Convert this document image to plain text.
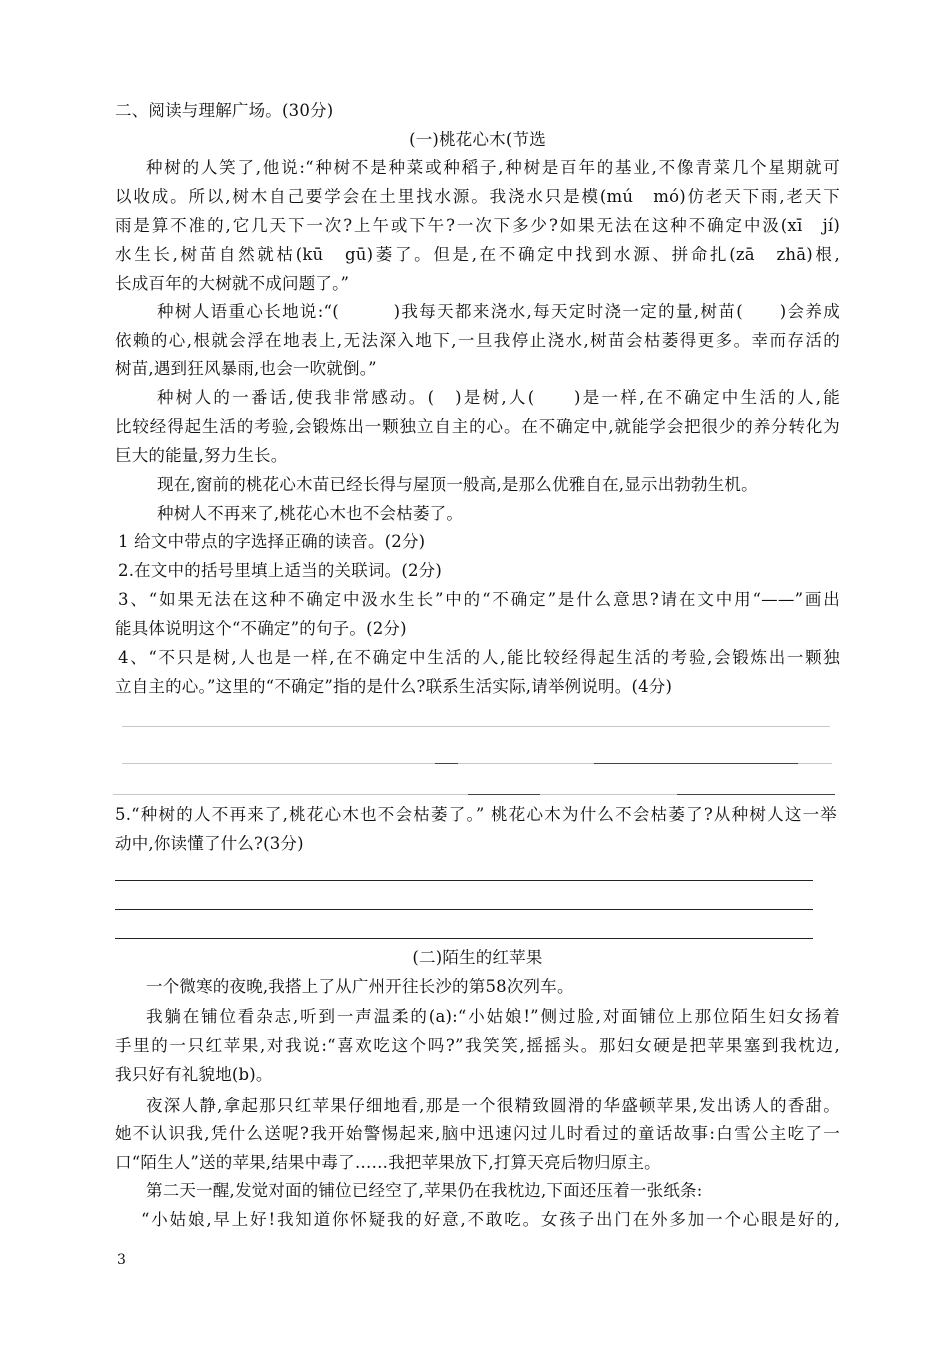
二、阅读与理解广场。(30分)
(一)桃花心木(节选
种树的人笑了,他说:“种树不是种菜或种稻子,种树是百年的基业,不像青菜几个星期就可
以收成。所以,树木自己要学会在土里找水源。我浇水只是模(mú　mó)仿老天下雨,老天下
雨是算不准的,它几天下一次?上午或下午?一次下多少?如果无法在这种不确定中汲(xī　jí)
水生长,树苗自然就枯(kū　gū)萎了。但是,在不确定中找到水源、拼命扎(zā　zhā)根,
长成百年的大树就不成问题了。”
种树人语重心长地说:“(　　　)我每天都来浇水,每天定时浇一定的量,树苗(　　)会养成
依赖的心,根就会浮在地表上,无法深入地下,一旦我停止浇水,树苗会枯萎得更多。幸而存活的
树苗,遇到狂风暴雨,也会一吹就倒。”
种树人的一番话,使我非常感动。(　)是树,人(　　)是一样,在不确定中生活的人,能
比较经得起生活的考验,会锻炼出一颗独立自主的心。在不确定中,就能学会把很少的养分转化为
巨大的能量,努力生长。
现在,窗前的桃花心木苗已经长得与屋顶一般高,是那么优雅自在,显示出勃勃生机。
种树人不再来了,桃花心木也不会枯萎了。
1 给文中带点的字选择正确的读音。(2分)
2.在文中的括号里填上适当的关联词。(2分)
3、“如果无法在这种不确定中汲水生长”中的“不确定”是什么意思?请在文中用“——”画出
能具体说明这个“不确定”的句子。(2分)
4、“不只是树,人也是一样,在不确定中生活的人,能比较经得起生活的考验,会锻炼出一颗独
立自主的心。”这里的“不确定”指的是什么?联系生活实际,请举例说明。(4分)
5.“种树的人不再来了,桃花心木也不会枯萎了。” 桃花心木为什么不会枯萎了?从种树人这一举
动中,你读懂了什么?(3分)
(二)陌生的红苹果
一个微寒的夜晚,我搭上了从广州开往长沙的第58次列车。
我躺在铺位看杂志,听到一声温柔的(a):“小姑娘!”侧过脸,对面铺位上那位陌生妇女扬着
手里的一只红苹果,对我说:“喜欢吃这个吗?”我笑笑,摇摇头。那妇女硬是把苹果塞到我枕边,
我只好有礼貌地(b)。
夜深人静,拿起那只红苹果仔细地看,那是一个很精致圆滑的华盛顿苹果,发出诱人的香甜。
她不认识我,凭什么送呢?我开始警惕起来,脑中迅速闪过儿时看过的童话故事:白雪公主吃了一
口“陌生人”送的苹果,结果中毒了……我把苹果放下,打算天亮后物归原主。
第二天一醒,发觉对面的铺位已经空了,苹果仍在我枕边,下面还压着一张纸条:
“小姑娘,早上好!我知道你怀疑我的好意,不敢吃。女孩子出门在外多加一个心眼是好的,
3
